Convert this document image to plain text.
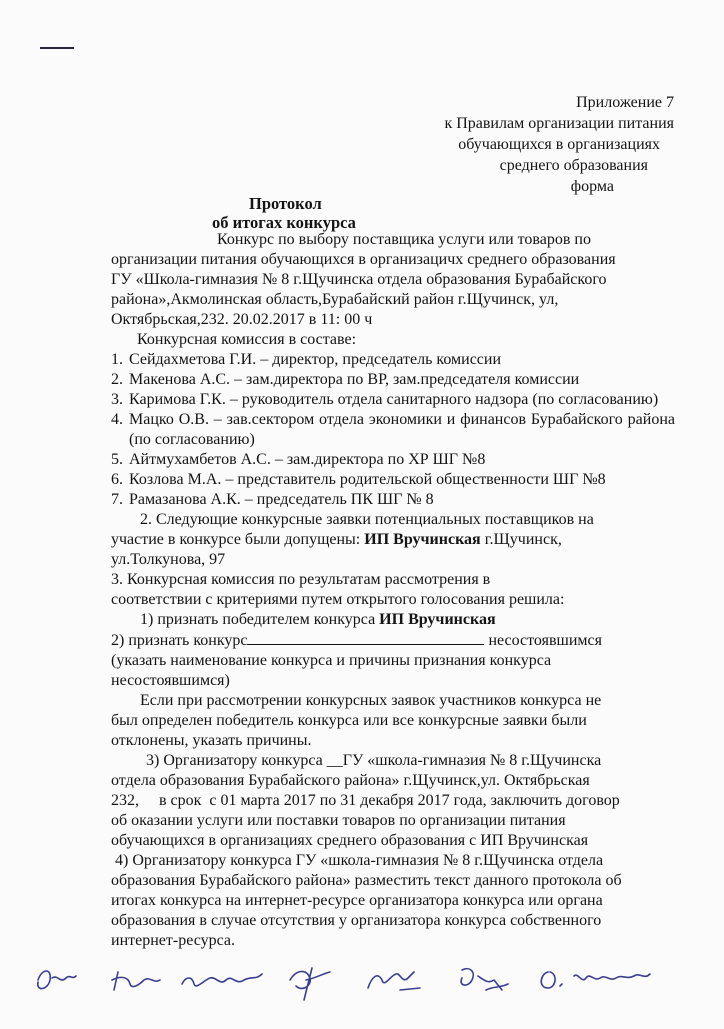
Приложение 7
к Правилам организации питания
обучающихся в организациях
среднего образования
форма
Протокол
об итогах конкурса
Конкурс по выбору поставщика услуги или товаров по
организации питания обучающихся в организацичх среднего образования
ГУ «Школа-гимназия № 8 г.Щучинска отдела образования Бурабайского
района»,Акмолинская область,Бурабайский район г.Щучинск, ул,
Октябрьская,232. 20.02.2017 в 11: 00 ч
Конкурсная комиссия в составе:
1. Сейдахметова Г.И. – директор, председатель комиссии
2. Макенова А.С. – зам.директора по ВР, зам.председателя комиссии
3. Каримова Г.К. – руководитель отдела санитарного надзора (по согласованию)
4. Мацко О.В. – зав.сектором отдела экономики и финансов Бурабайского района (по согласованию)
5. Айтмухамбетов А.С. – зам.директора по ХР ШГ №8
6. Козлова М.А. – представитель родительской общественности ШГ №8
7. Рамазанова А.К. – председатель ПК ШГ № 8
2. Следующие конкурсные заявки потенциальных поставщиков на
участие в конкурсе были допущены: ИП Вручинская г.Щучинск,
ул.Толкунова, 97
3. Конкурсная комиссия по результатам рассмотрения в
соответствии с критериями путем открытого голосования решила:
1) признать победителем конкурса ИП Вручинская
2) признать конкурс	несостоявшимся
(указать наименование конкурса и причины признания конкурса
несостоявшимся)
Если при рассмотрении конкурсных заявок участников конкурса не
был определен победитель конкурса или все конкурсные заявки были
отклонены, указать причины.
3) Организатору конкурса __ГУ «школа-гимназия № 8 г.Щучинска
отдела образования Бурабайского района» г.Щучинск,ул. Октябрьская
232,     в срок  с 01 марта 2017 по 31 декабря 2017 года, заключить договор
об оказании услуги или поставки товаров по организации питания
обучающихся в организациях среднего образования с ИП Вручинская
4) Организатору конкурса ГУ «школа-гимназия № 8 г.Щучинска отдела
образования Бурабайского района» разместить текст данного протокола об
итогах конкурса на интернет-ресурсе организатора конкурса или органа
образования в случае отсутствия у организатора конкурса собственного
интернет-ресурса.
